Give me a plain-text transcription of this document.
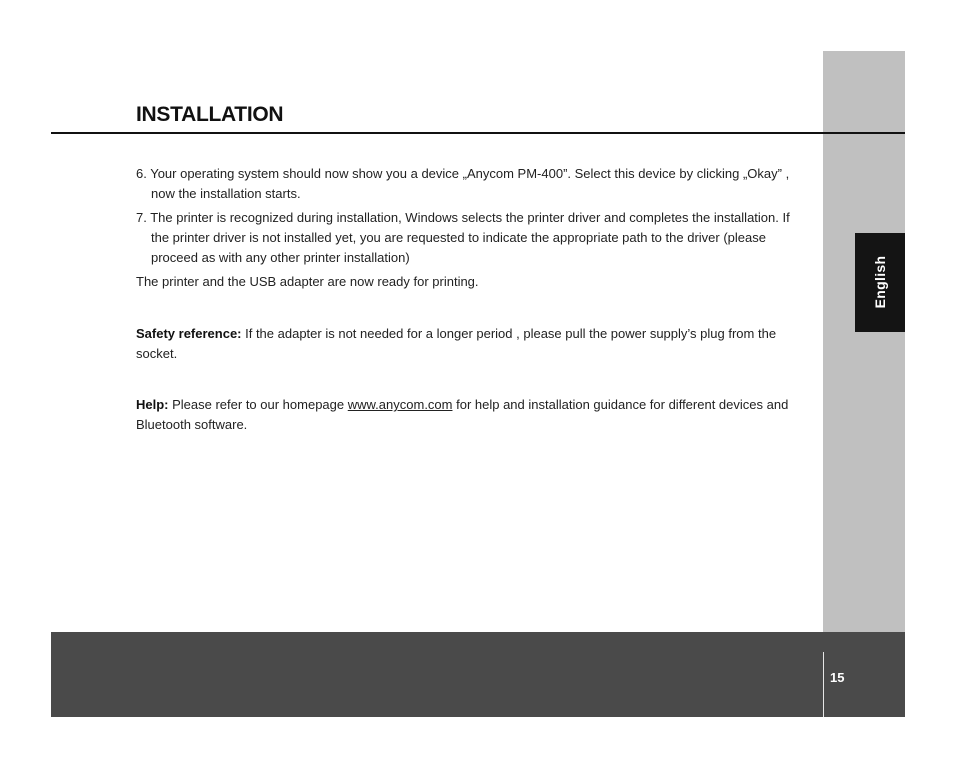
English
INSTALLATION

6. Your operating system should now show you a device „Anycom PM-400”. Select this device by clicking „Okay” , now the installation starts.

7. The printer is recognized during installation, Windows selects the printer driver and completes the installation. If the printer driver is not installed yet, you are requested to indicate the appropriate path to the driver (please proceed as with any other printer installation)

The printer and the USB adapter are now ready for printing.

Safety reference: If the adapter is not needed for a longer period , please pull the power supply’s plug from the socket.

Help: Please refer to our homepage www.anycom.com for help and installation guidance for different devices and Bluetooth software.

15
